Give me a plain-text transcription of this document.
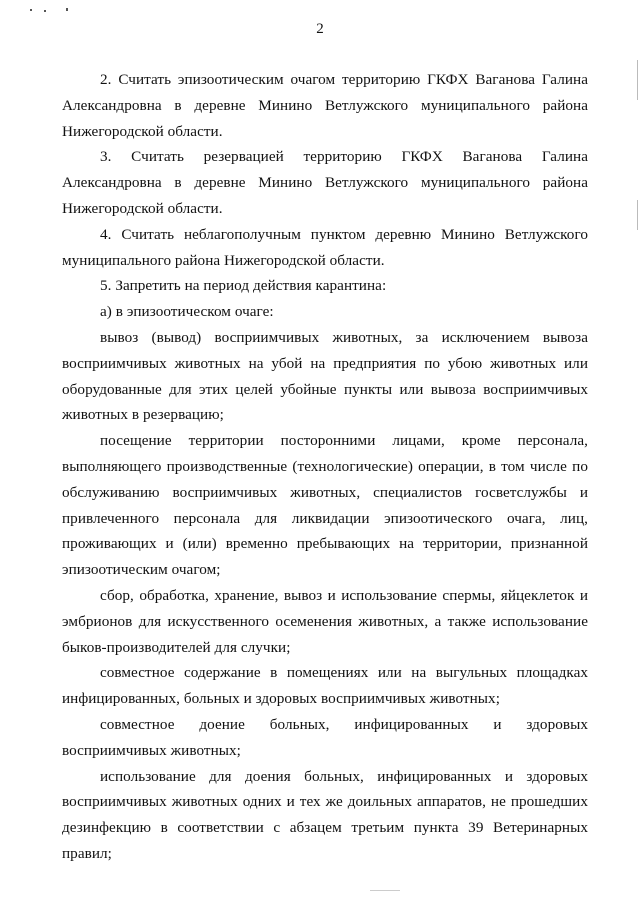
2

2. Считать эпизоотическим очагом территорию ГКФХ Ваганова Галина Александровна в деревне Минино Ветлужского муниципального района Нижегородской области.

3. Считать резервацией территорию ГКФХ Ваганова Галина Александровна в деревне Минино Ветлужского муниципального района Нижегородской области.

4. Считать неблагополучным пунктом деревню Минино Ветлужского муниципального района Нижегородской области.

5. Запретить на период действия карантина:

а) в эпизоотическом очаге:

вывоз (вывод) восприимчивых животных, за исключением вывоза восприимчивых животных на убой на предприятия по убою животных или оборудованные для этих целей убойные пункты или вывоза восприимчивых животных в резервацию;

посещение территории посторонними лицами, кроме персонала, выполняющего производственные (технологические) операции, в том числе по обслуживанию восприимчивых животных, специалистов госветслужбы и привлеченного персонала для ликвидации эпизоотического очага, лиц, проживающих и (или) временно пребывающих на территории, признанной эпизоотическим очагом;

сбор, обработка, хранение, вывоз и использование спермы, яйцеклеток и эмбрионов для искусственного осеменения животных, а также использование быков-производителей для случки;

совместное содержание в помещениях или на выгульных площадках инфицированных, больных и здоровых восприимчивых животных;

совместное доение больных, инфицированных и здоровых восприимчивых животных;

использование для доения больных, инфицированных и здоровых восприимчивых животных одних и тех же доильных аппаратов, не прошедших дезинфекцию в соответствии с абзацем третьим пункта 39 Ветеринарных правил;
